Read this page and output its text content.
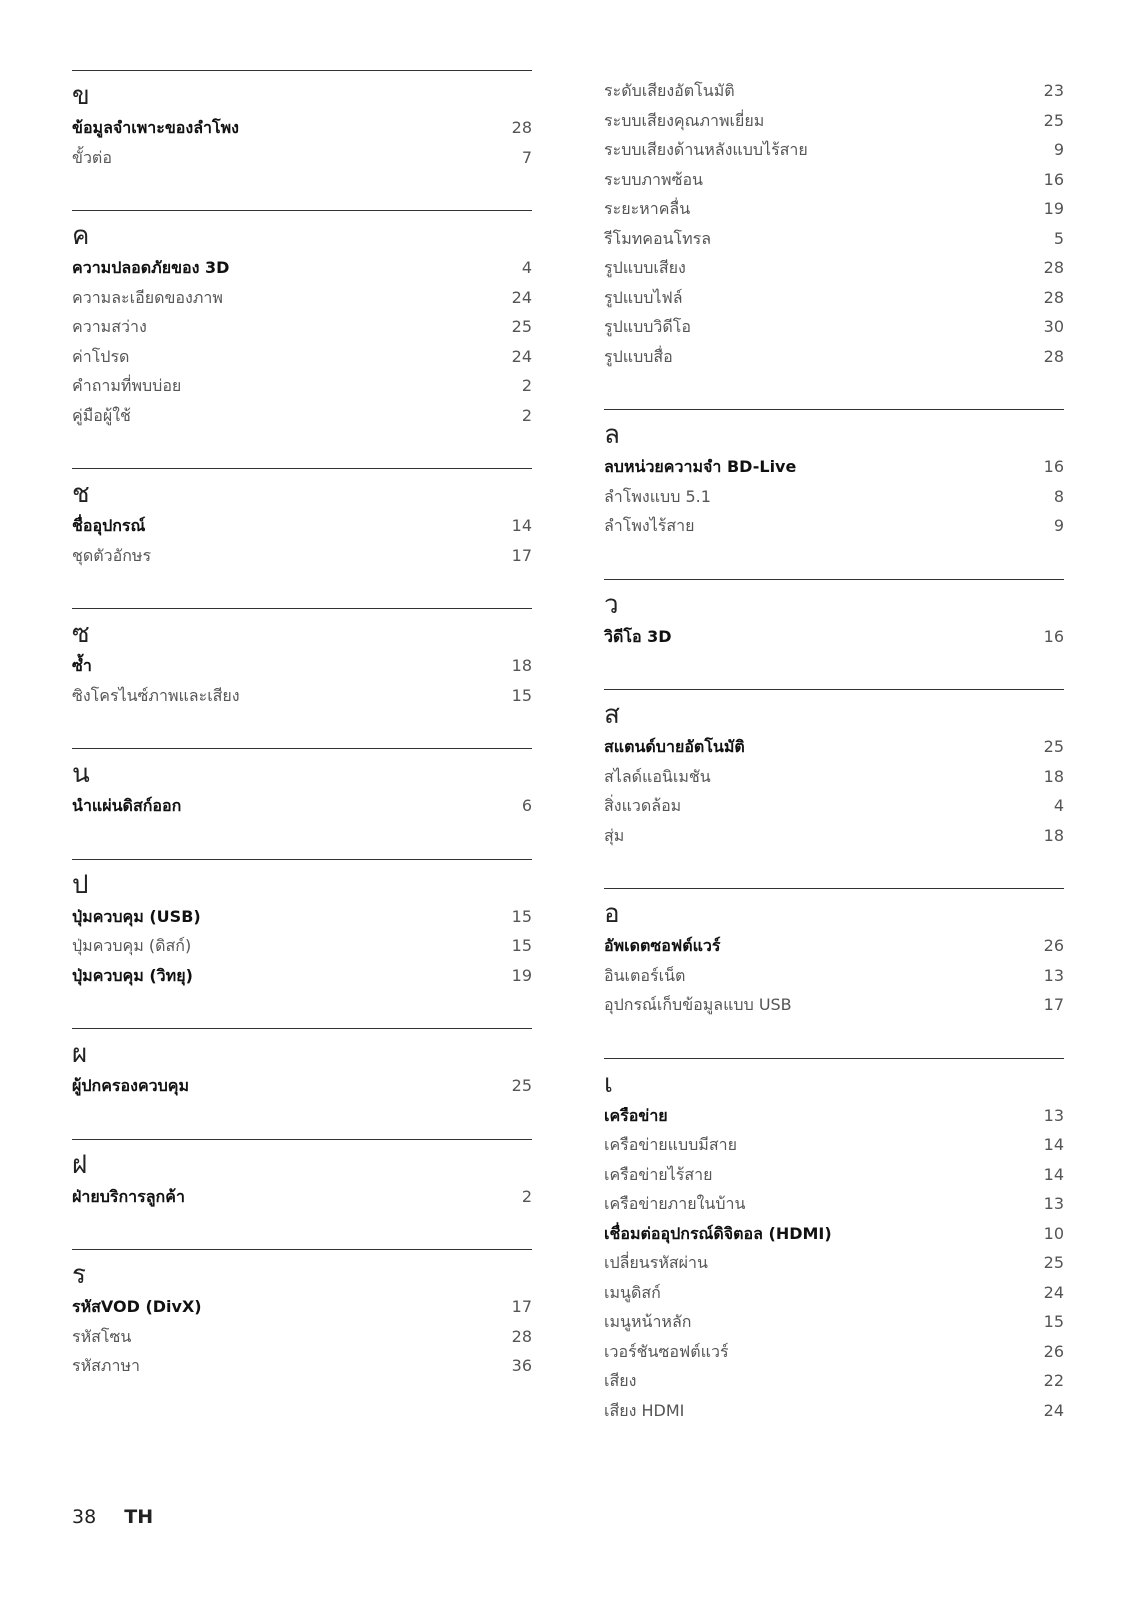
ข
ข้อมูลจำเพาะของลำโพง	28
ขั้วต่อ	7
ค
ความปลอดภัยของ 3D	4
ความละเอียดของภาพ	24
ความสว่าง	25
ค่าโปรด	24
คำถามที่พบบ่อย	2
คู่มือผู้ใช้	2
ช
ชื่ออุปกรณ์	14
ชุดตัวอักษร	17
ซ
ซ้ำ	18
ซิงโครไนซ์ภาพและเสียง	15
น
นำแผ่นดิสก์ออก	6
ป
ปุ่มควบคุม (USB)	15
ปุ่มควบคุม (ดิสก์)	15
ปุ่มควบคุม (วิทยุ)	19
ผ
ผู้ปกครองควบคุม	25
ฝ
ฝ่ายบริการลูกค้า	2
ร
รหัสVOD (DivX)	17
รหัสโซน	28
รหัสภาษา	36
ระดับเสียงอัตโนมัติ	23
ระบบเสียงคุณภาพเยี่ยม	25
ระบบเสียงด้านหลังแบบไร้สาย	9
ระบบภาพซ้อน	16
ระยะหาคลื่น	19
รีโมทคอนโทรล	5
รูปแบบเสียง	28
รูปแบบไฟล์	28
รูปแบบวิดีโอ	30
รูปแบบสื่อ	28
ล
ลบหน่วยความจำ BD-Live	16
ลำโพงแบบ 5.1	8
ลำโพงไร้สาย	9
ว
วิดีโอ 3D	16
ส
สแตนด์บายอัตโนมัติ	25
สไลด์แอนิเมชัน	18
สิ่งแวดล้อม	4
สุ่ม	18
อ
อัพเดตซอฟต์แวร์	26
อินเตอร์เน็ต	13
อุปกรณ์เก็บข้อมูลแบบ USB	17
เ
เครือข่าย	13
เครือข่ายแบบมีสาย	14
เครือข่ายไร้สาย	14
เครือข่ายภายในบ้าน	13
เชื่อมต่ออุปกรณ์ดิจิตอล (HDMI)	10
เปลี่ยนรหัสผ่าน	25
เมนูดิสก์	24
เมนูหน้าหลัก	15
เวอร์ชันซอฟต์แวร์	26
เสียง	22
เสียง HDMI	24
38 TH
